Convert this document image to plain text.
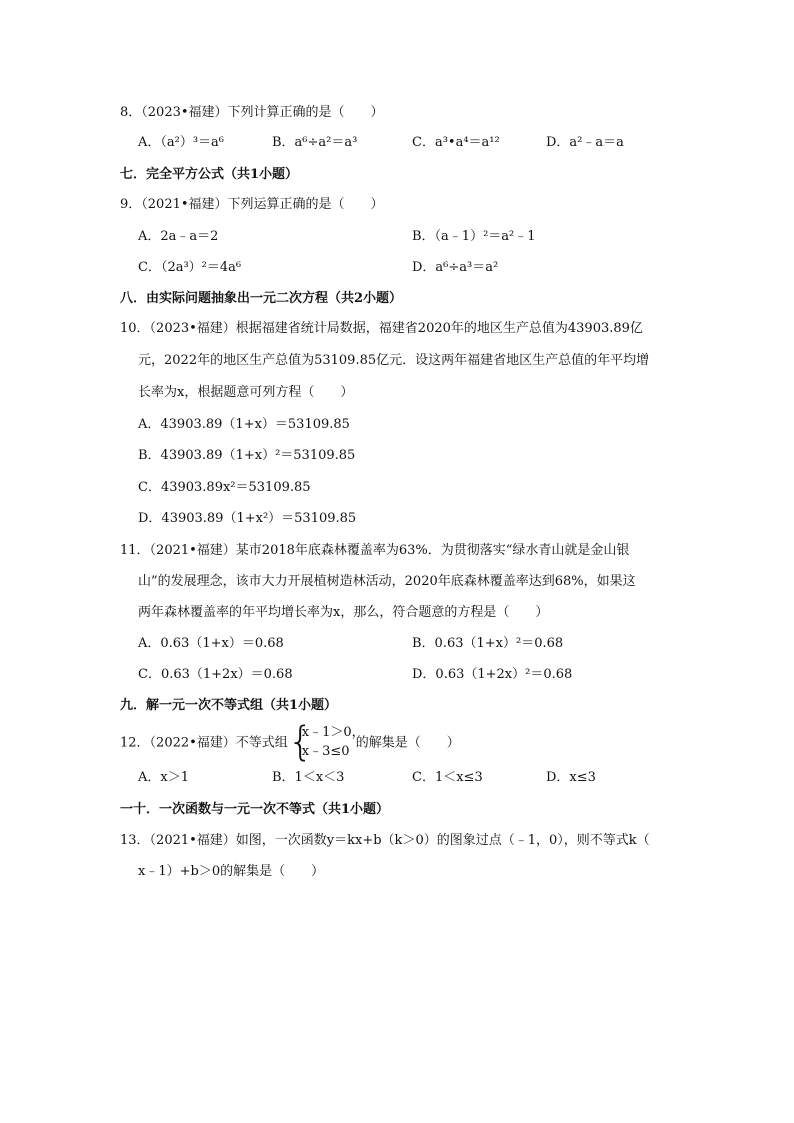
8．（2023•福建）下列计算正确的是（　　）
A．（a²）³＝a⁶	B．a⁶÷a²＝a³	C．a³•a⁴＝a¹²	D．a²﹣a＝a
七．完全平方公式（共1小题）
9．（2021•福建）下列运算正确的是（　　）
A．2a﹣a＝2	B．（a﹣1）²＝a²﹣1
C．（2a³）²＝4a⁶	D．a⁶÷a³＝a²
八．由实际问题抽象出一元二次方程（共2小题）
10．（2023•福建）根据福建省统计局数据，福建省2020年的地区生产总值为43903.89亿
元，2022年的地区生产总值为53109.85亿元．设这两年福建省地区生产总值的年平均增
长率为x，根据题意可列方程（　　）
A．43903.89（1+x）＝53109.85
B．43903.89（1+x）²＝53109.85
C．43903.89x²＝53109.85
D．43903.89（1+x²）＝53109.85
11．（2021•福建）某市2018年底森林覆盖率为63%．为贯彻落实“绿水青山就是金山银
山”的发展理念，该市大力开展植树造林活动，2020年底森林覆盖率达到68%，如果这
两年森林覆盖率的年平均增长率为x，那么，符合题意的方程是（　　）
A．0.63（1+x）＝0.68	B．0.63（1+x）²＝0.68
C．0.63（1+2x）＝0.68	D．0.63（1+2x）²＝0.68
九．解一元一次不等式组（共1小题）
12．（2022•福建）不等式组 {
x﹣1＞0，
x﹣3≤0
的解集是（　　）
A．x＞1	B．1＜x＜3	C．1＜x≤3	D．x≤3
一十．一次函数与一元一次不等式（共1小题）
13．（2021•福建）如图，一次函数y＝kx+b（k＞0）的图象过点（﹣1，0），则不等式k（
x﹣1）+b＞0的解集是（　　）
